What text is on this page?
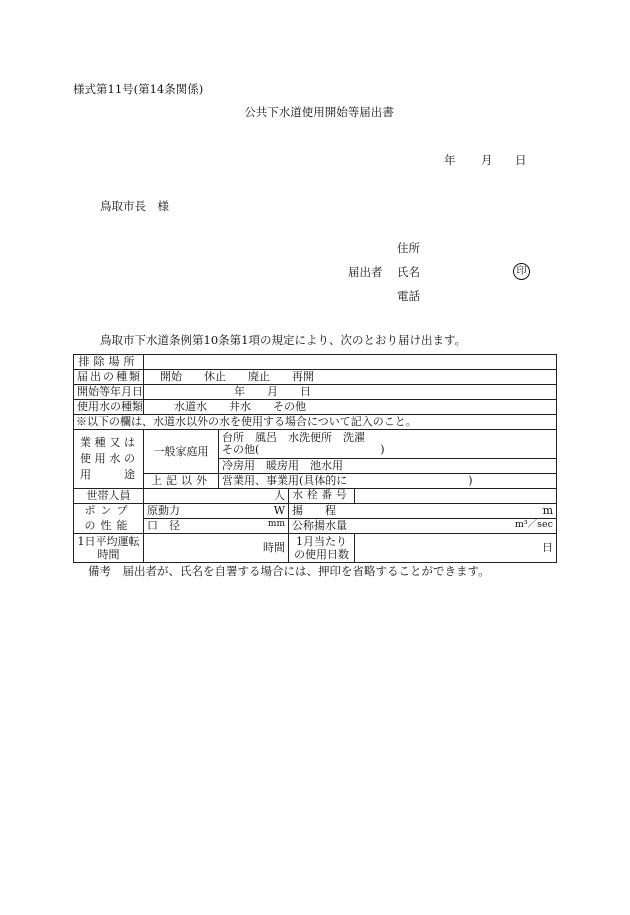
様式第11号(第14条関係)
公共下水道使用開始等届出書
年 月 日
鳥取市長　様
住所
届出者 氏名	印
電話
鳥取市下水道条例第10条第1項の規定により、次のとおり届け出ます。
排除場所				
届出の種類	開始　　休止　　廃止　　再開			
開始等年月日	年　　月　　日			
使用水の種類	水道水　　井水　　その他			
※以下の欄は、水道水以外の水を使用する場合について記入のこと。				
業種又は使用水の用途	一般家庭用	台所　風呂　水洗便所　洗濯
その他(　　　　　　　　　　　)		

		冷房用　暖房用　池水用		
	上記以外	営業用、事業用(具体的に　　　　　　　　　　　)		
世帯人員	人		水栓番号	
ポンプの性能	原動力 W		揚　　程 m	

	口　径 mm		公称揚水量 m³／sec	

1日平均運転時間	時間		1月当たりの使用日数	日
備考　届出者が、氏名を自署する場合には、押印を省略することができます。
